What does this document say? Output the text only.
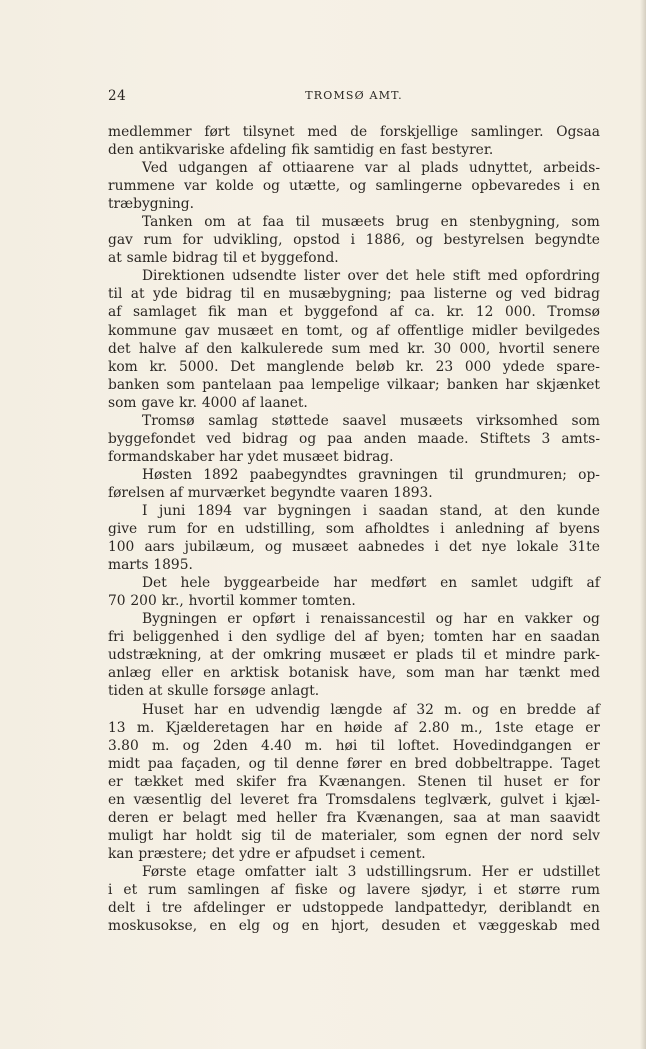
24	TROMSØ AMT.
medlemmer ført tilsynet med de forskjellige samlinger. Ogsaa
den antikvariske afdeling fik samtidig en fast bestyrer.
Ved udgangen af ottiaarene var al plads udnyttet, arbeids-
rummene var kolde og utætte, og samlingerne opbevaredes i en
træbygning.
Tanken om at faa til musæets brug en stenbygning, som
gav rum for udvikling, opstod i 1886, og bestyrelsen begyndte
at samle bidrag til et byggefond.
Direktionen udsendte lister over det hele stift med opfordring
til at yde bidrag til en musæbygning; paa listerne og ved bidrag
af samlaget fik man et byggefond af ca. kr. 12 000. Tromsø
kommune gav musæet en tomt, og af offentlige midler bevilgedes
det halve af den kalkulerede sum med kr. 30 000, hvortil senere
kom kr. 5000. Det manglende beløb kr. 23 000 ydede spare-
banken som pantelaan paa lempelige vilkaar; banken har skjænket
som gave kr. 4000 af laanet.
Tromsø samlag støttede saavel musæets virksomhed som
byggefondet ved bidrag og paa anden maade. Stiftets 3 amts-
formandskaber har ydet musæet bidrag.
Høsten 1892 paabegyndtes gravningen til grundmuren; op-
førelsen af murværket begyndte vaaren 1893.
I juni 1894 var bygningen i saadan stand, at den kunde
give rum for en udstilling, som afholdtes i anledning af byens
100 aars jubilæum, og musæet aabnedes i det nye lokale 31te
marts 1895.
Det hele byggearbeide har medført en samlet udgift af
70 200 kr., hvortil kommer tomten.
Bygningen er opført i renaissancestil og har en vakker og
fri beliggenhed i den sydlige del af byen; tomten har en saadan
udstrækning, at der omkring musæet er plads til et mindre park-
anlæg eller en arktisk botanisk have, som man har tænkt med
tiden at skulle forsøge anlagt.
Huset har en udvendig længde af 32 m. og en bredde af
13 m. Kjælderetagen har en høide af 2.80 m., 1ste etage er
3.80 m. og 2den 4.40 m. høi til loftet. Hovedindgangen er
midt paa façaden, og til denne fører en bred dobbeltrappe. Taget
er tækket med skifer fra Kvænangen. Stenen til huset er for
en væsentlig del leveret fra Tromsdalens teglværk, gulvet i kjæl-
deren er belagt med heller fra Kvænangen, saa at man saavidt
muligt har holdt sig til de materialer, som egnen der nord selv
kan præstere; det ydre er afpudset i cement.
Første etage omfatter ialt 3 udstillingsrum. Her er udstillet
i et rum samlingen af fiske og lavere sjødyr, i et større rum
delt i tre afdelinger er udstoppede landpattedyr, deriblandt en
moskusokse, en elg og en hjort, desuden et væggeskab med
